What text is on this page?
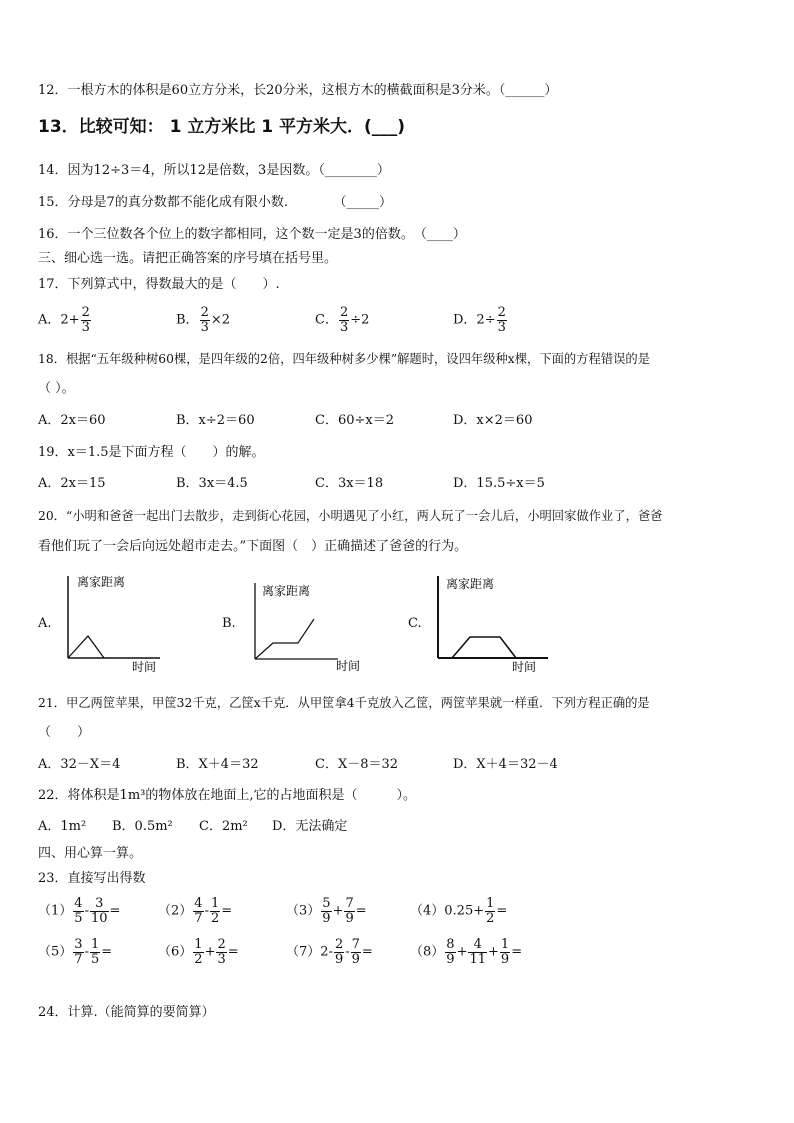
12．一根方木的体积是60立方分米，长20分米，这根方木的横截面积是3分米。（______）
13．比较可知： 1 立方米比 1 平方米大．(___)
14．因为12÷3＝4，所以12是倍数，3是因数。（________）
15．分母是7的真分数都不能化成有限小数.　　　　（_____）
16．一个三位数各个位上的数字都相同，这个数一定是3的倍数。　（____）
三、细心选一选。请把正确答案的序号填在括号里。
17．下列算式中，得数最大的是（　　）.
A．$2+ \frac{2}{3}$	B． $\frac{2}{3} \times 2$	C． $\frac{2}{3} \div 2$	D．$2\div \frac{2}{3}$
18．根据“五年级种树60棵，是四年级的2倍，四年级种树多少棵”解题时，设四年级种x棵，下面的方程错误的是
（ ）。
A．2x＝60	B．x÷2＝60	C．60÷x＝2	D．x×2＝60
19．x＝1.5是下面方程（　　）的解。
A．2x＝15	B．3x＝4.5	C．3x＝18	D．15.5÷x＝5
20．“小明和爸爸一起出门去散步，走到街心花园，小明遇见了小红，两人玩了一会儿后，小明回家做作业了，爸爸
看他们玩了一会后向远处超市走去。”下面图（　）正确描述了爸爸的行为。
A.
离家距离
时间
B.
离家距离
时间
C.
离家距离
时间
21．甲乙两筐苹果，甲筐32千克，乙筐x千克．从甲筐拿4千克放入乙筐，两筐苹果就一样重．下列方程正确的是
（　　）
A．32－X＝4	B．X＋4＝32	C．X－8＝32	D．X＋4＝32－4
22．将体积是1m³的物体放在地面上,它的占地面积是（　　　）。
A．1m² B．0.5m² C．2m² D．无法确定
四、用心算一算。
23．直接写出得数
$(1) \frac{4}{5} - \frac{3}{10}$ =	$(2) \frac{4}{7} - \frac{1}{2}$ =	$(3) \frac{5}{9} + \frac{7}{9}$ =	$(4)0.25+ \frac{1}{2}$ =
$(5) \frac{3}{7} - \frac{1}{5}$ =	$(6) \frac{1}{2} + \frac{2}{3}$ =	$(7)2- \frac{2}{9} - \frac{7}{9}$ =	$(8) \frac{8}{9} + \frac{4}{11} + \frac{1}{9}$ =
24．计算.（能简算的要简算）
